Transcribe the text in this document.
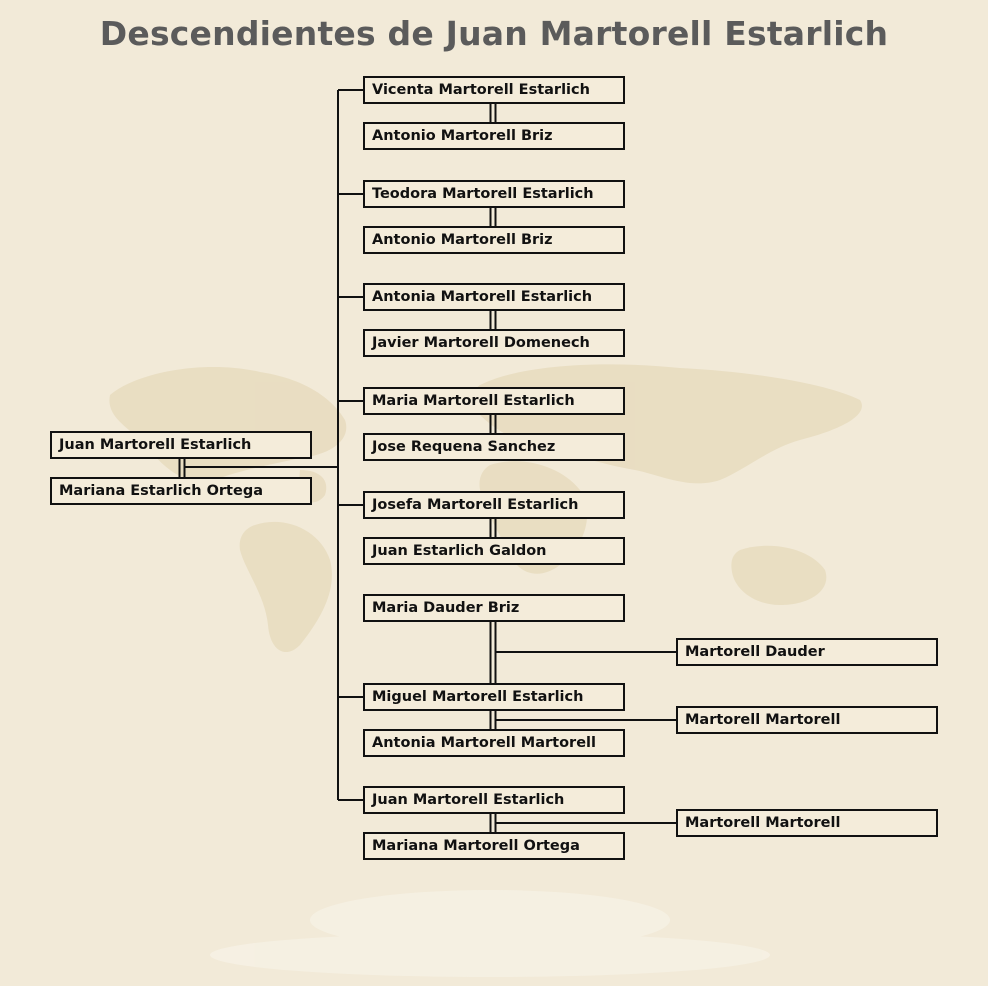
Descendientes de Juan Martorell Estarlich
Juan Martorell Estarlich
Mariana Estarlich Ortega
Vicenta Martorell Estarlich
Antonio Martorell Briz
Teodora Martorell Estarlich
Antonio Martorell Briz
Antonia Martorell Estarlich
Javier Martorell Domenech
Maria Martorell Estarlich
Jose Requena Sanchez
Josefa Martorell Estarlich
Juan Estarlich Galdon
Maria Dauder Briz
Miguel Martorell Estarlich
Antonia Martorell Martorell
Juan Martorell Estarlich
Mariana Martorell Ortega
Martorell Dauder
Martorell Martorell
Martorell Martorell
